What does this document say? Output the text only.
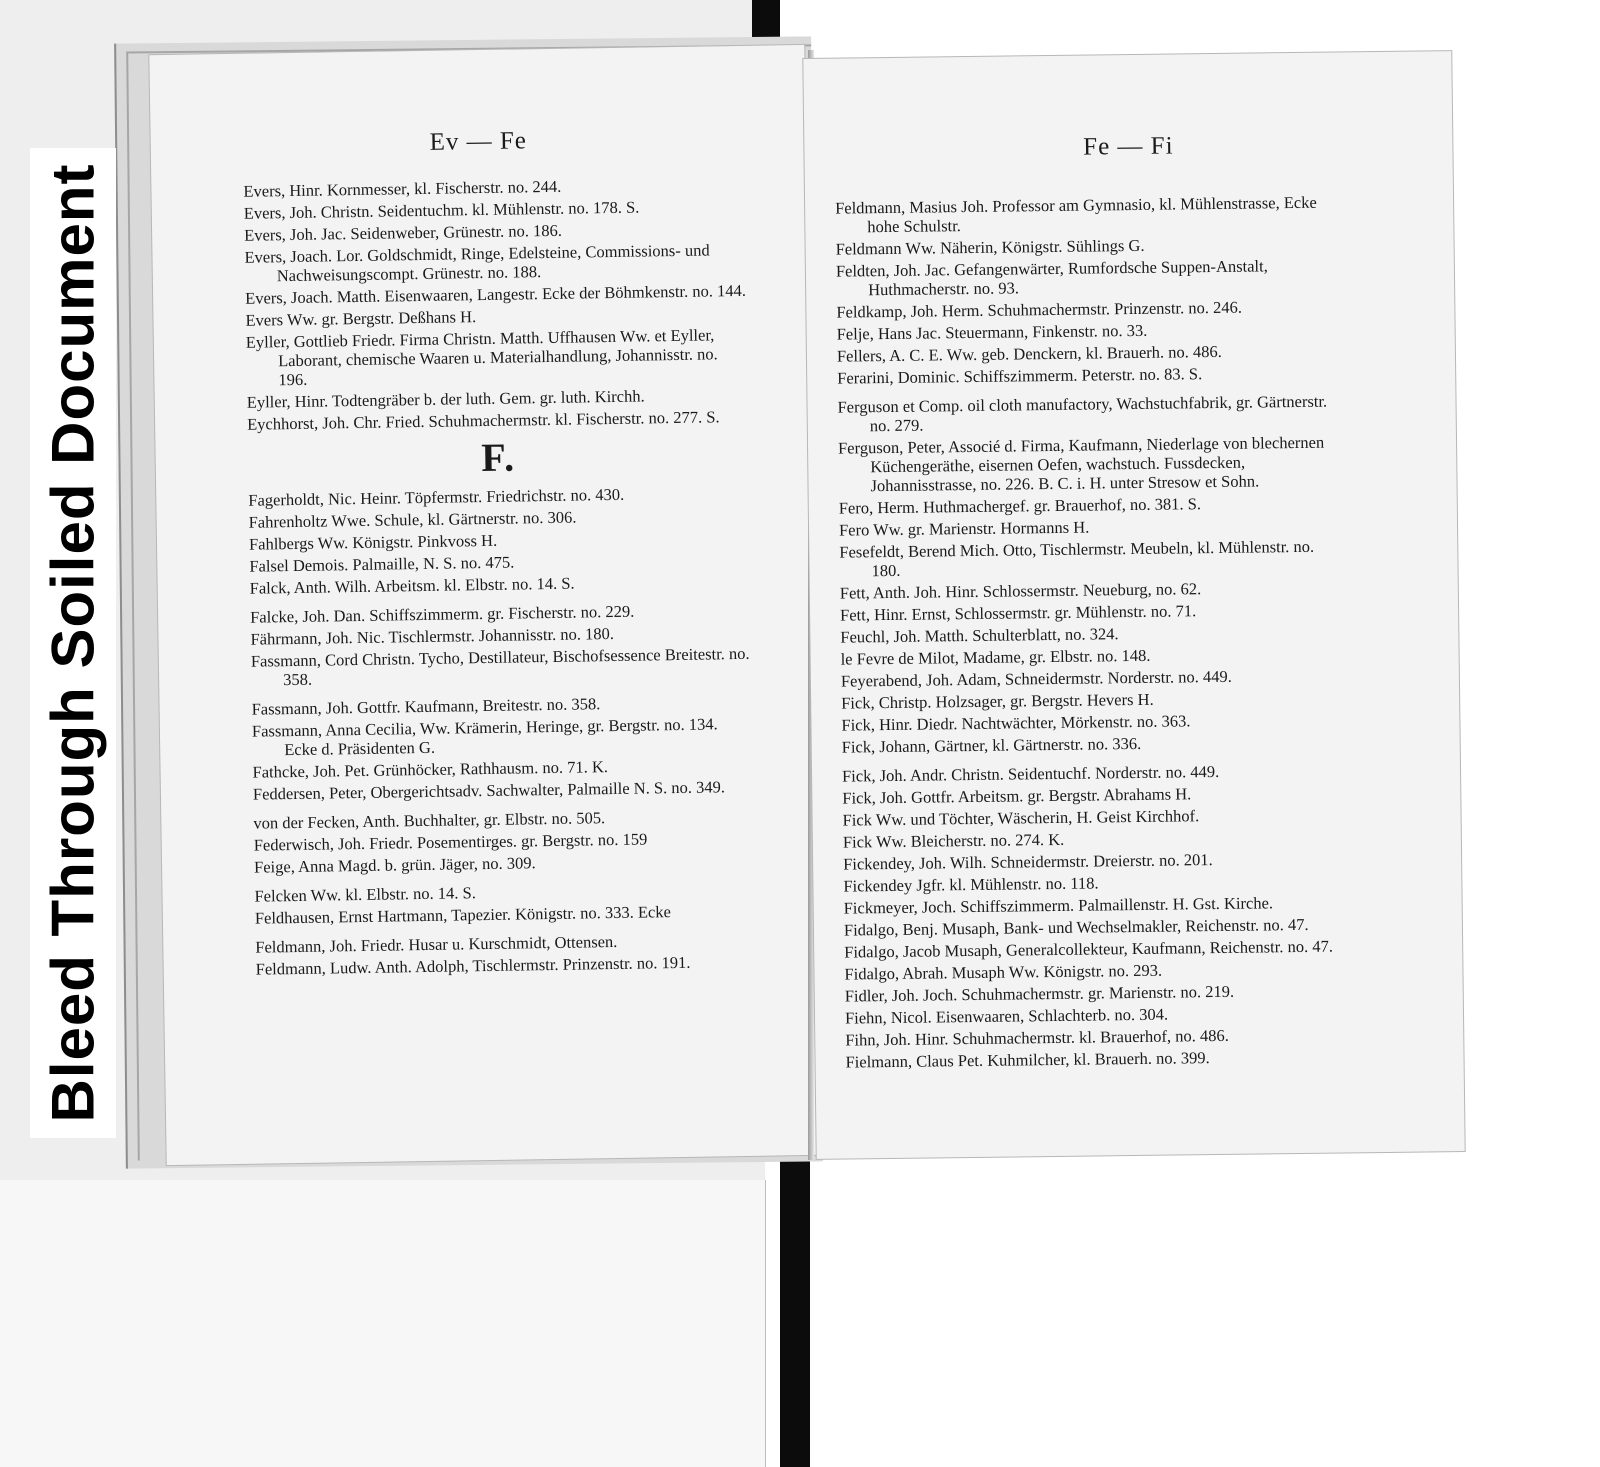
Ev — Fe

Evers, Hinr. Kornmesser, kl. Fischerstr. no. 244.

Evers, Joh. Christn. Seidentuchm. kl. Mühlenstr. no. 178. S.

Evers, Joh. Jac. Seidenweber, Grünestr. no. 186.

Evers, Joach. Lor. Goldschmidt, Ringe, Edelsteine, Commissions- und Nachweisungscompt. Grünestr. no. 188.

Evers, Joach. Matth. Eisenwaaren, Langestr. Ecke der Böhmkenstr. no. 144.

Evers Ww. gr. Bergstr. Deßhans H.

Eyller, Gottlieb Friedr. Firma Christn. Matth. Uffhausen Ww. et Eyller, Laborant, chemische Waaren u. Materialhandlung, Johannisstr. no. 196.

Eyller, Hinr. Todtengräber b. der luth. Gem. gr. luth. Kirchh.

Eychhorst, Joh. Chr. Fried. Schuhmachermstr. kl. Fischerstr. no. 277. S.

F.

Fagerholdt, Nic. Heinr. Töpfermstr. Friedrichstr. no. 430.

Fahrenholtz Wwe. Schule, kl. Gärtnerstr. no. 306.

Fahlbergs Ww. Königstr. Pinkvoss H.

Falsel Demois. Palmaille, N. S. no. 475.

Falck, Anth. Wilh. Arbeitsm. kl. Elbstr. no. 14. S.

Falcke, Joh. Dan. Schiffszimmerm. gr. Fischerstr. no. 229.

Fährmann, Joh. Nic. Tischlermstr. Johannisstr. no. 180.

Fassmann, Cord Christn. Tycho, Destillateur, Bischofsessence Breitestr. no. 358.

Fassmann, Joh. Gottfr. Kaufmann, Breitestr. no. 358.

Fassmann, Anna Cecilia, Ww. Krämerin, Heringe, gr. Bergstr. no. 134. Ecke d. Präsidenten G.

Fathcke, Joh. Pet. Grünhöcker, Rathhausm. no. 71. K.

Feddersen, Peter, Obergerichtsadv. Sachwalter, Palmaille N. S. no. 349.

von der Fecken, Anth. Buchhalter, gr. Elbstr. no. 505.

Federwisch, Joh. Friedr. Posementirges. gr. Bergstr. no. 159

Feige, Anna Magd. b. grün. Jäger, no. 309.

Felcken Ww. kl. Elbstr. no. 14. S.

Feldhausen, Ernst Hartmann, Tapezier. Königstr. no. 333. Ecke

Feldmann, Joh. Friedr. Husar u. Kurschmidt, Ottensen.

Feldmann, Ludw. Anth. Adolph, Tischlermstr. Prinzenstr. no. 191.

Fe — Fi

Feldmann, Masius Joh. Professor am Gymnasio, kl. Mühlenstrasse, Ecke hohe Schulstr.

Feldmann Ww. Näherin, Königstr. Sühlings G.

Feldten, Joh. Jac. Gefangenwärter, Rumfordsche Suppen-Anstalt, Huthmacherstr. no. 93.

Feldkamp, Joh. Herm. Schuhmachermstr. Prinzenstr. no. 246.

Felje, Hans Jac. Steuermann, Finkenstr. no. 33.

Fellers, A. C. E. Ww. geb. Denckern, kl. Brauerh. no. 486.

Ferarini, Dominic. Schiffszimmerm. Peterstr. no. 83. S.

Ferguson et Comp. oil cloth manufactory, Wachstuchfabrik, gr. Gärtnerstr. no. 279.

Ferguson, Peter, Associé d. Firma, Kaufmann, Niederlage von blechernen Küchengeräthe, eisernen Oefen, wachstuch. Fussdecken, Johannisstrasse, no. 226. B. C. i. H. unter Stresow et Sohn.

Fero, Herm. Huthmachergef. gr. Brauerhof, no. 381. S.

Fero Ww. gr. Marienstr. Hormanns H.

Fesefeldt, Berend Mich. Otto, Tischlermstr. Meubeln, kl. Mühlenstr. no. 180.

Fett, Anth. Joh. Hinr. Schlossermstr. Neueburg, no. 62.

Fett, Hinr. Ernst, Schlossermstr. gr. Mühlenstr. no. 71.

Feuchl, Joh. Matth. Schulterblatt, no. 324.

le Fevre de Milot, Madame, gr. Elbstr. no. 148.

Feyerabend, Joh. Adam, Schneidermstr. Norderstr. no. 449.

Fick, Christp. Holzsager, gr. Bergstr. Hevers H.

Fick, Hinr. Diedr. Nachtwächter, Mörkenstr. no. 363.

Fick, Johann, Gärtner, kl. Gärtnerstr. no. 336.

Fick, Joh. Andr. Christn. Seidentuchf. Norderstr. no. 449.

Fick, Joh. Gottfr. Arbeitsm. gr. Bergstr. Abrahams H.

Fick Ww. und Töchter, Wäscherin, H. Geist Kirchhof.

Fick Ww. Bleicherstr. no. 274. K.

Fickendey, Joh. Wilh. Schneidermstr. Dreierstr. no. 201.

Fickendey Jgfr. kl. Mühlenstr. no. 118.

Fickmeyer, Joch. Schiffszimmerm. Palmaillenstr. H. Gst. Kirche.

Fidalgo, Benj. Musaph, Bank- und Wechselmakler, Reichenstr. no. 47.

Fidalgo, Jacob Musaph, Generalcollekteur, Kaufmann, Reichenstr. no. 47.

Fidalgo, Abrah. Musaph Ww. Königstr. no. 293.

Fidler, Joh. Joch. Schuhmachermstr. gr. Marienstr. no. 219.

Fiehn, Nicol. Eisenwaaren, Schlachterb. no. 304.

Fihn, Joh. Hinr. Schuhmachermstr. kl. Brauerhof, no. 486.

Fielmann, Claus Pet. Kuhmilcher, kl. Brauerh. no. 399.

Bleed Through Soiled Document
